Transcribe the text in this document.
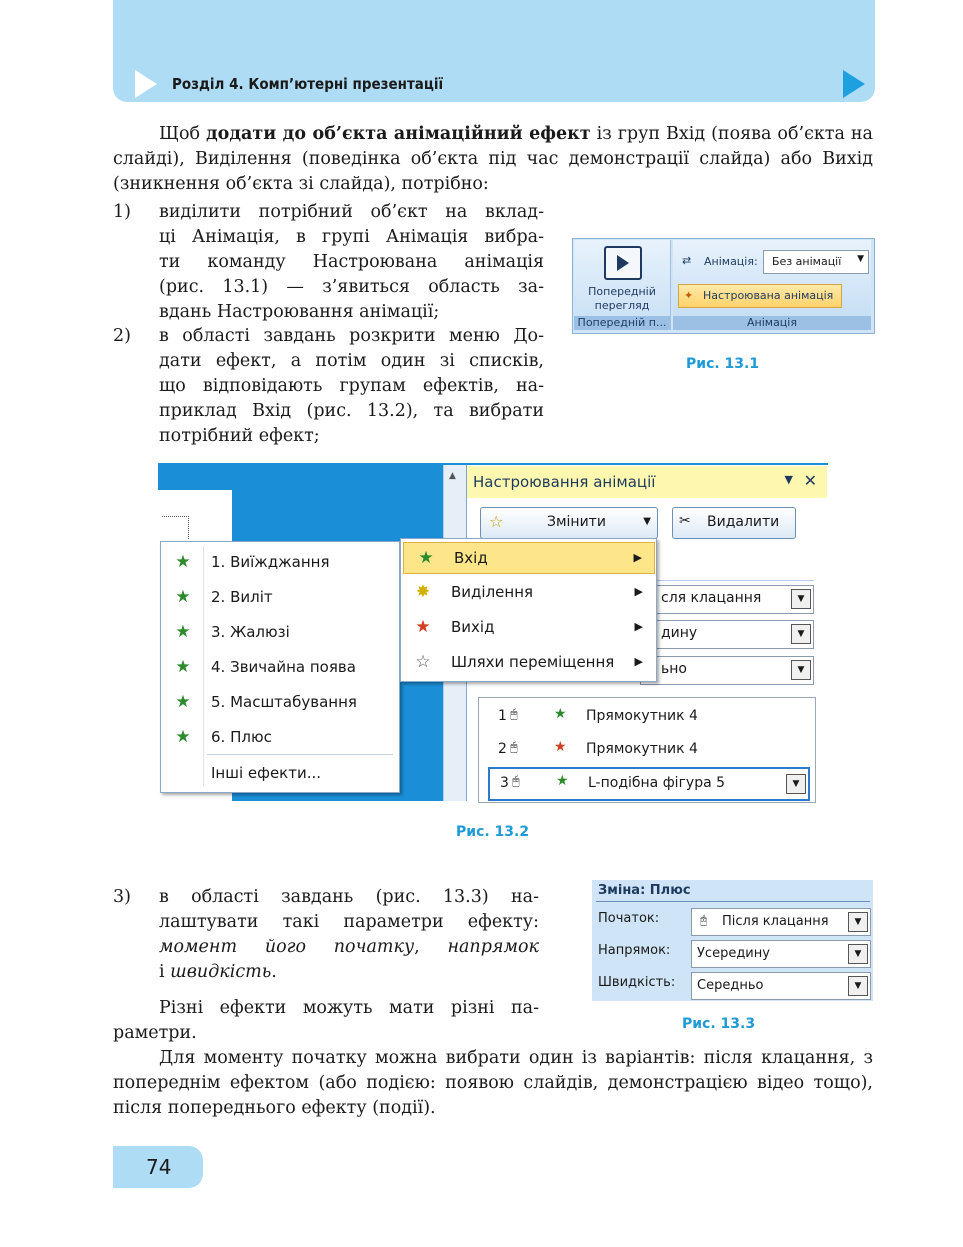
Розділ 4. Комп’ютерні презентації
Щоб додати до об’єкта анімаційний ефект із груп Вхід (поява об’єкта на слайді), Виділення (поведінка об’єкта під час демонстрації слайда) або Вихід (зникнення об’єкта зі слайда), потрібно:
1) виділити потрібний об’єкт на вклад-
ці Анімація, в групі Анімація вибра-
ти команду Настроювана анімація
(рис. 13.1) — з’явиться область за-
вдань Настроювання анімації;
2) в області завдань розкрити меню До-
дати ефект, а потім один зі списків,
що відповідають групам ефектів, на-
приклад Вхід (рис. 13.2), та вибрати
потрібний ефект;
Попередній
перегляд
Попередній п...
⇄ Анімація: Без анімації ▼
✦ Настроювана анімація
Анімація
Рис. 13.1
▲ Настроювання анімації	▼ ✕
☆	Змінити	▼ ✂ Видалити
сля клацання	▼
дину	▼
ьно	▼
1 🖰	★ Прямокутник 4
2 🖰	★ Прямокутник 4
3 🖰	★ L-подібна фігура 5	▼
★ 1. Виїжджання
★ 2. Виліт
★ 3. Жалюзі
★ 4. Звичайна поява
★ 5. Масштабування
★ 6. Плюс
Інші ефекти...
★ Вхід	▶
✸	Виділення	▶
★ Вихід	▶
☆ Шляхи переміщення ▶
Рис. 13.2
3) в області завдань (рис. 13.3) на-
лаштувати такі параметри ефекту:
момент його початку, напрямок
і швидкість.
Різні ефекти можуть мати різні па-
раметри.
Зміна: Плюс
Початок:	🖰 Після клацання	▼
Напрямок: Усередину	▼
Швидкість: Середньо	▼
Рис. 13.3
Для моменту початку можна вибрати один із варіантів: після клацання, з попереднім ефектом (або подією: появою слайдів, демонстрацією відео тощо), після попереднього ефекту (події).
74
